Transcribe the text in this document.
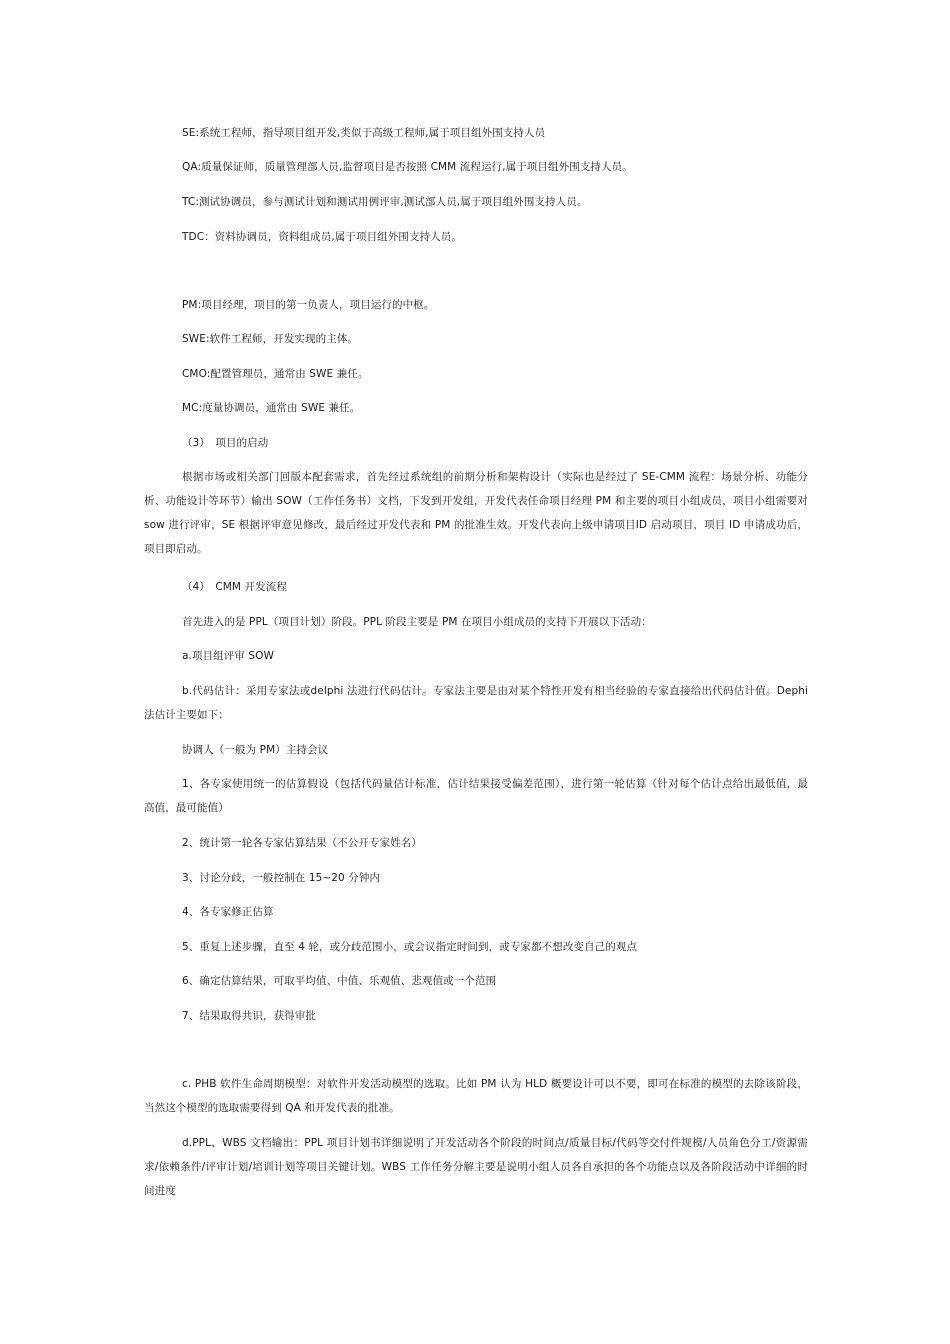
SE:系统工程师，指导项目组开发,类似于高级工程师,属于项目组外围支持人员
QA:质量保证师，质量管理部人员,监督项目是否按照 CMM 流程运行,属于项目组外围支持人员。
TC:测试协调员，参与测试计划和测试用例评审,测试部人员,属于项目组外围支持人员。
TDC：资料协调员，资料组成员,属于项目组外围支持人员。
PM:项目经理，项目的第一负责人，项目运行的中枢。
SWE:软件工程师，开发实现的主体。
CMO:配置管理员，通常由 SWE 兼任。
MC:度量协调员，通常由 SWE 兼任。
（3）　项目的启动
根据市场或相关部门回版本配套需求，首先经过系统组的前期分析和架构设计（实际也是经过了 SE-CMM 流程：场景分析、功能分析、功能设计等环节）输出 SOW（工作任务书）文档，下发到开发组，开发代表任命项目经理 PM 和主要的项目小组成员，项目小组需要对 sow 进行评审，SE 根据评审意见修改，最后经过开发代表和 PM 的批准生效。开发代表向上级申请项目ID 启动项目，项目 ID 申请成功后，项目即启动。
（4）　CMM 开发流程
首先进入的是 PPL（项目计划）阶段。PPL 阶段主要是 PM 在项目小组成员的支持下开展以下活动：
a.项目组评审 SOW
b.代码估计：采用专家法或delphi 法进行代码估计。专家法主要是由对某个特性开发有相当经验的专家直接给出代码估计值。Dephi 法估计主要如下：
协调人（一般为 PM）主持会议
1、各专家使用统一的估算假设（包括代码量估计标准，估计结果接受偏差范围），进行第一轮估算（针对每个估计点给出最低值，最高值，最可能值）
2、统计第一轮各专家估算结果（不公开专家姓名）
3、讨论分歧，一般控制在 15~20 分钟内
4、各专家修正估算
5、重复上述步骤，直至 4 轮，或分歧范围小，或会议指定时间到，或专家都不想改变自己的观点
6、确定估算结果，可取平均值、中值、乐观值、悲观值或一个范围
7、结果取得共识，获得审批
c. PHB 软件生命周期模型：对软件开发活动模型的选取。比如 PM 认为 HLD 概要设计可以不要，即可在标准的模型的去除该阶段，当然这个模型的选取需要得到 QA 和开发代表的批准。
d.PPL、WBS 文档输出：PPL 项目计划书详细说明了开发活动各个阶段的时间点/质量目标/代码等交付件规模/人员角色分工/资源需求/依赖条件/评审计划/培训计划等项目关键计划。WBS 工作任务分解主要是说明小组人员各自承担的各个功能点以及各阶段活动中详细的时间进度
